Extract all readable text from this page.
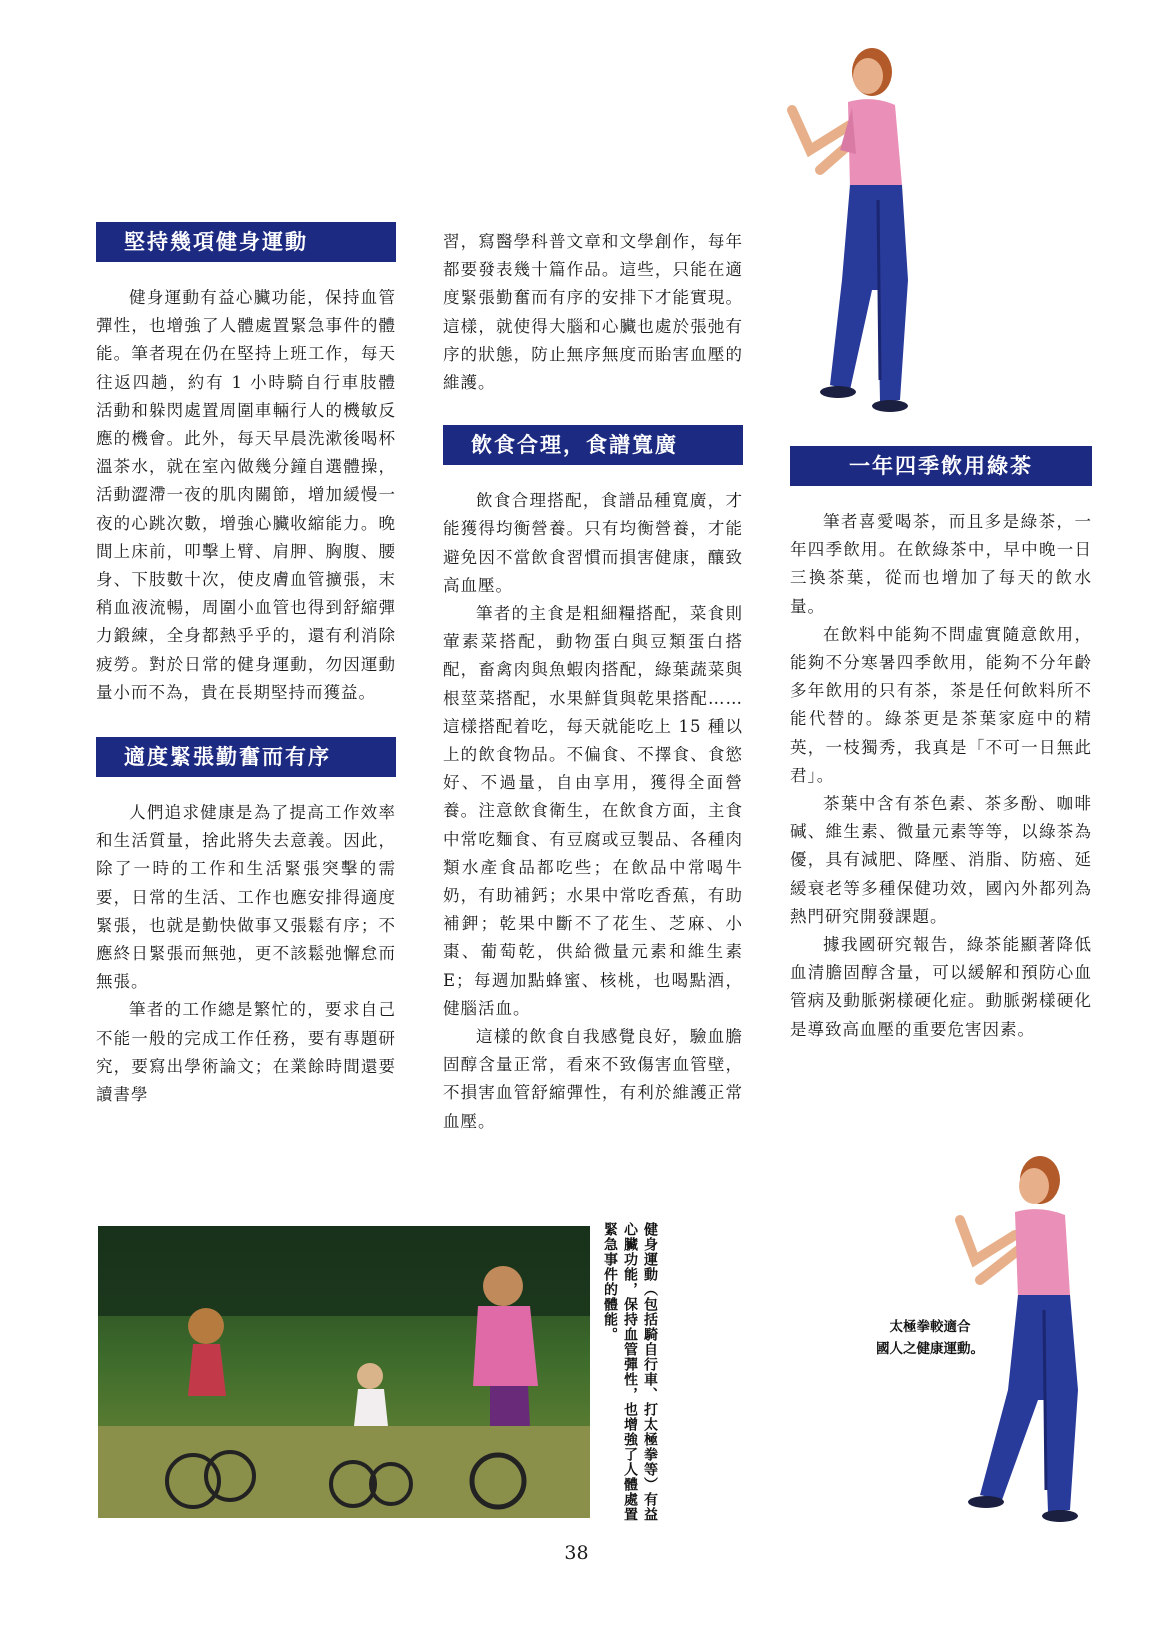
堅持幾項健身運動

健身運動有益心臟功能，保持血管彈性，也增強了人體處置緊急事件的體能。筆者現在仍在堅持上班工作，每天往返四趟，約有 1 小時騎自行車肢體活動和躲閃處置周圍車輛行人的機敏反應的機會。此外，每天早晨洗漱後喝杯溫茶水，就在室內做幾分鐘自選體操，活動澀滯一夜的肌肉關節，增加緩慢一夜的心跳次數，增強心臟收縮能力。晚間上床前，叩擊上臂、肩胛、胸腹、腰身、下肢數十次，使皮膚血管擴張，末稍血液流暢，周圍小血管也得到舒縮彈力鍛練，全身都熱乎乎的，還有利消除疲勞。對於日常的健身運動，勿因運動量小而不為，貴在長期堅持而獲益。

適度緊張勤奮而有序

人們追求健康是為了提高工作效率和生活質量，捨此將失去意義。因此，除了一時的工作和生活緊張突擊的需要，日常的生活、工作也應安排得適度緊張，也就是勤快做事又張鬆有序；不應終日緊張而無弛，更不該鬆弛懈怠而無張。

筆者的工作總是繁忙的，要求自己不能一般的完成工作任務，要有專題研究，要寫出學術論文；在業餘時間還要讀書學

習，寫醫學科普文章和文學創作，每年都要發表幾十篇作品。這些，只能在適度緊張勤奮而有序的安排下才能實現。這樣，就使得大腦和心臟也處於張弛有序的狀態，防止無序無度而貽害血壓的維護。

飲食合理，食譜寬廣

飲食合理搭配，食譜品種寬廣，才能獲得均衡營養。只有均衡營養，才能避免因不當飲食習慣而損害健康，釀致高血壓。

筆者的主食是粗細糧搭配，菜食則葷素菜搭配，動物蛋白與豆類蛋白搭配，畜禽肉與魚蝦肉搭配，綠葉蔬菜與根莖菜搭配，水果鮮貨與乾果搭配……這樣搭配着吃，每天就能吃上 15 種以上的飲食物品。不偏食、不擇食、食慾好、不過量，自由享用，獲得全面營養。注意飲食衛生，在飲食方面，主食中常吃麵食、有豆腐或豆製品、各種肉類水產食品都吃些；在飲品中常喝牛奶，有助補鈣；水果中常吃香蕉，有助補鉀；乾果中斷不了花生、芝麻、小棗、葡萄乾，供給微量元素和維生素 E；每週加點蜂蜜、核桃，也喝點酒，健腦活血。

這樣的飲食自我感覺良好，驗血膽固醇含量正常，看來不致傷害血管壁，不損害血管舒縮彈性，有利於維護正常血壓。

一年四季飲用綠茶

筆者喜愛喝茶，而且多是綠茶，一年四季飲用。在飲綠茶中，早中晚一日三換茶葉，從而也增加了每天的飲水量。

在飲料中能夠不問虛實隨意飲用，能夠不分寒暑四季飲用，能夠不分年齡多年飲用的只有茶，茶是任何飲料所不能代替的。綠茶更是茶葉家庭中的精英，一枝獨秀，我真是「不可一日無此君」。

茶葉中含有茶色素、茶多酚、咖啡碱、維生素、微量元素等等，以綠茶為優，具有減肥、降壓、消脂、防癌、延緩衰老等多種保健功效，國內外都列為熱門研究開發課題。

據我國研究報告，綠茶能顯著降低血清膽固醇含量，可以緩解和預防心血管病及動脈粥樣硬化症。動脈粥樣硬化是導致高血壓的重要危害因素。

健身運動（包括騎自行車、打太極拳等）有益心臟功能，保持血管彈性，也增強了人體處置緊急事件的體能。	太極拳較適合
國人之健康運動。
38
